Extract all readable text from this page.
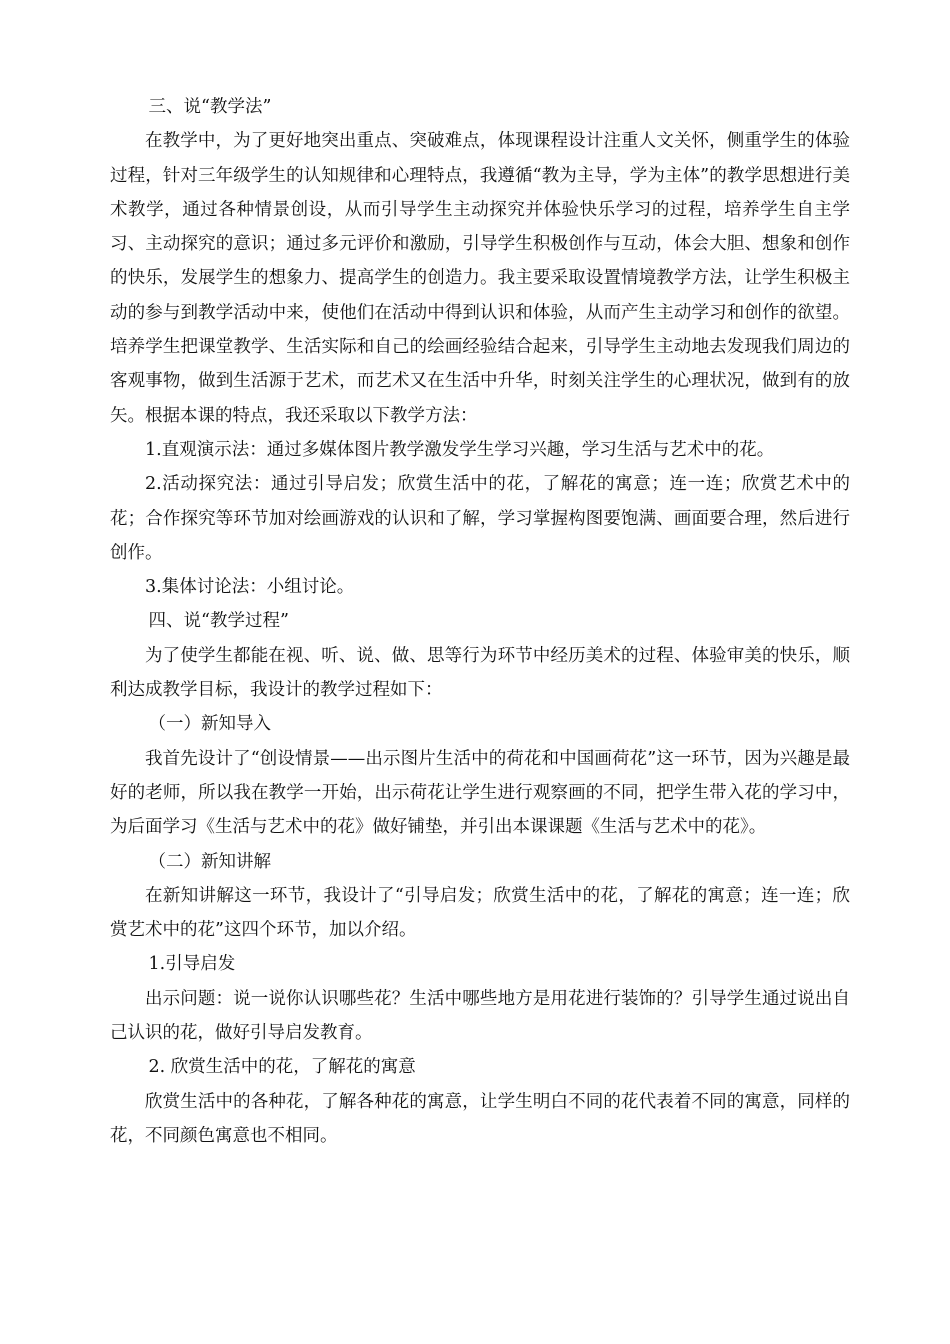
三、说“教学法”

在教学中，为了更好地突出重点、突破难点，体现课程设计注重人文关怀，侧重学生的体验过程，针对三年级学生的认知规律和心理特点，我遵循“教为主导，学为主体”的教学思想进行美术教学，通过各种情景创设，从而引导学生主动探究并体验快乐学习的过程，培养学生自主学习、主动探究的意识；通过多元评价和激励，引导学生积极创作与互动，体会大胆、想象和创作的快乐，发展学生的想象力、提高学生的创造力。我主要采取设置情境教学方法，让学生积极主动的参与到教学活动中来，使他们在活动中得到认识和体验，从而产生主动学习和创作的欲望。培养学生把课堂教学、生活实际和自己的绘画经验结合起来，引导学生主动地去发现我们周边的客观事物，做到生活源于艺术，而艺术又在生活中升华，时刻关注学生的心理状况，做到有的放矢。根据本课的特点，我还采取以下教学方法：

1.直观演示法：通过多媒体图片教学激发学生学习兴趣，学习生活与艺术中的花。

2.活动探究法：通过引导启发；欣赏生活中的花，了解花的寓意；连一连；欣赏艺术中的花；合作探究等环节加对绘画游戏的认识和了解，学习掌握构图要饱满、画面要合理，然后进行创作。

3.集体讨论法：小组讨论。

四、说“教学过程”

为了使学生都能在视、听、说、做、思等行为环节中经历美术的过程、体验审美的快乐，顺利达成教学目标，我设计的教学过程如下：

（一）新知导入

我首先设计了“创设情景——出示图片生活中的荷花和中国画荷花”这一环节，因为兴趣是最好的老师，所以我在教学一开始，出示荷花让学生进行观察画的不同，把学生带入花的学习中，为后面学习《生活与艺术中的花》做好铺垫，并引出本课课题《生活与艺术中的花》。

（二）新知讲解

在新知讲解这一环节，我设计了“引导启发；欣赏生活中的花，了解花的寓意；连一连；欣赏艺术中的花”这四个环节，加以介绍。

1.引导启发

出示问题：说一说你认识哪些花？生活中哪些地方是用花进行装饰的？引导学生通过说出自己认识的花，做好引导启发教育。

2. 欣赏生活中的花，了解花的寓意

欣赏生活中的各种花，了解各种花的寓意，让学生明白不同的花代表着不同的寓意，同样的花，不同颜色寓意也不相同。
